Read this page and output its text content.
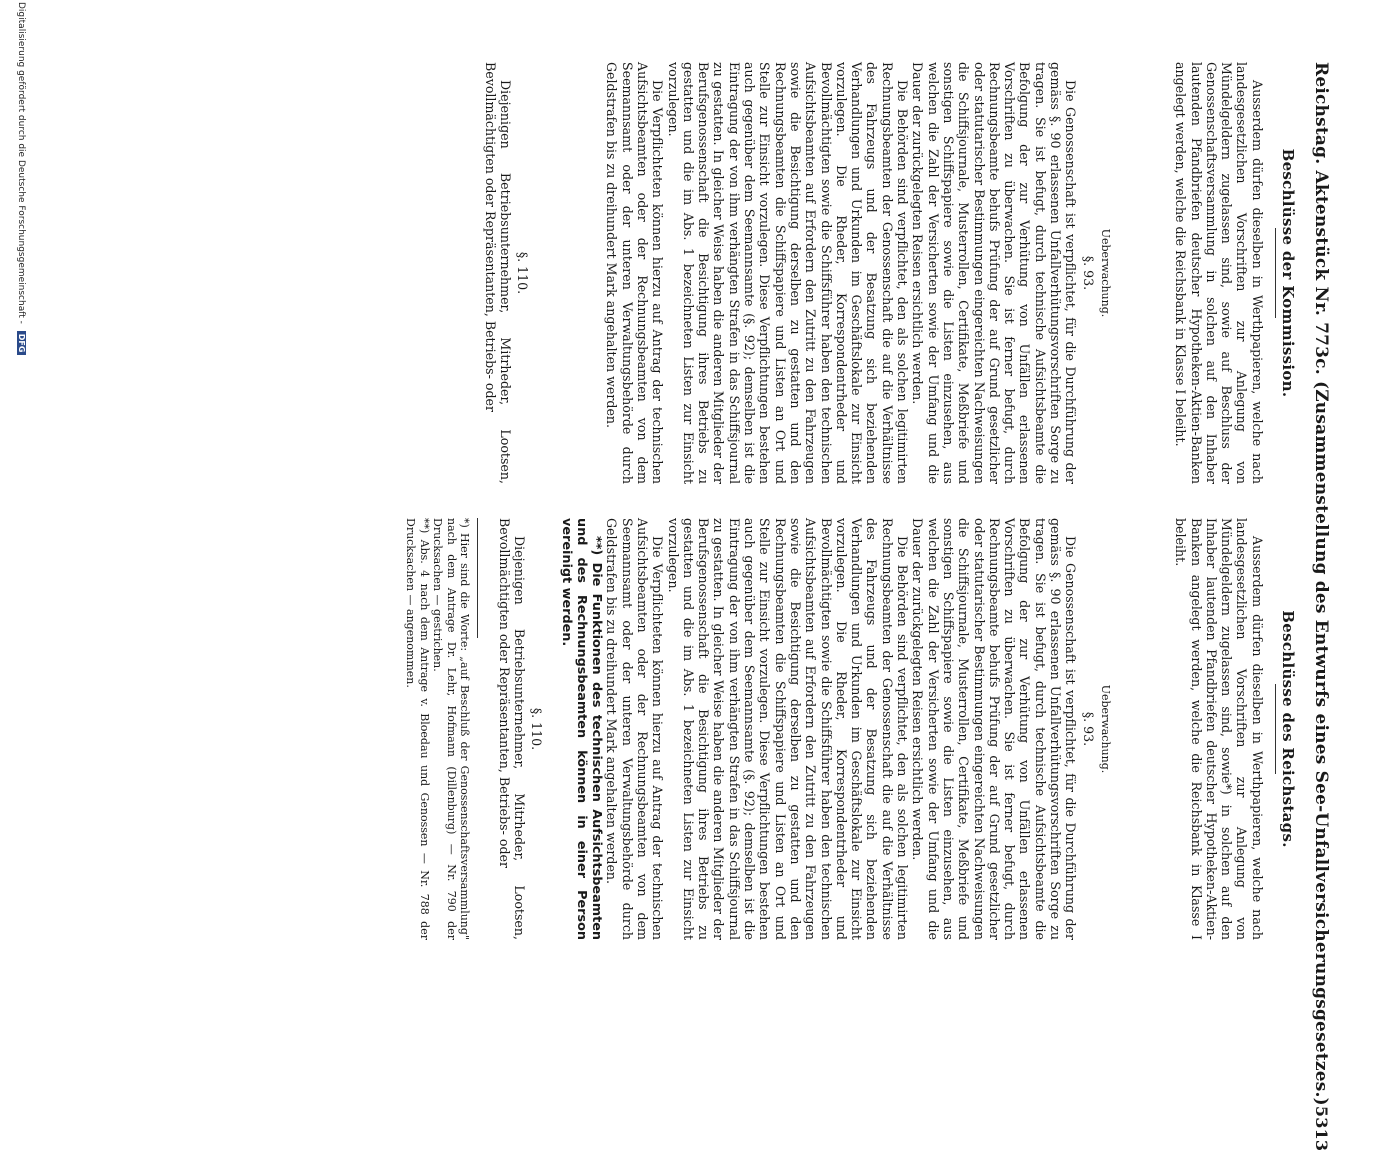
Reichstag. Aktenstück Nr. 773c. (Zusammenstellung des Entwurfs eines See-Unfallversicherungsgesetzes.)
5313
Beschlüsse der Kommission.

Ausserdem dürfen dieselben in Werthpapieren, welche nach landesgesetzlichen Vorschriften zur Anlegung von Mündelgeldern zugelassen sind, sowie auf Beschluss der Genossenschaftsversammlung in solchen auf den Inhaber lautenden Pfandbriefen deutscher Hypotheken-Aktien-Banken angelegt werden, welche die Reichsbank in Klasse I beleiht.

Ueberwachung.

§. 93.

Die Genossenschaft ist verpflichtet, für die Durchführung der gemäss §. 90 erlassenen Unfallverhütungsvorschriften Sorge zu tragen. Sie ist befugt, durch technische Aufsichtsbeamte die Befolgung der zur Verhütung von Unfällen erlassenen Vorschriften zu überwachen. Sie ist ferner befugt, durch Rechnungsbeamte behufs Prüfung der auf Grund gesetzlicher oder statutarischer Bestimmungen eingereichten Nachweisungen die Schiffsjournale, Musterrollen, Certifikate, Meßbriefe und sonstigen Schiffspapiere sowie die Listen einzusehen, aus welchen die Zahl der Versicherten sowie der Umfang und die Dauer der zurückgelegten Reisen ersichtlich werden.

Die Behörden sind verpflichtet, den als solchen legitimirten Rechnungsbeamten der Genossenschaft die auf die Verhältnisse des Fahrzeugs und der Besatzung sich beziehenden Verhandlungen und Urkunden im Geschäftslokale zur Einsicht vorzulegen. Die Rheder, Korrespondentrheder und Bevollmächtigten sowie die Schiffsführer haben den technischen Aufsichtsbeamten auf Erfordern den Zutritt zu den Fahrzeugen sowie die Besichtigung derselben zu gestatten und den Rechnungsbeamten die Schiffspapiere und Listen an Ort und Stelle zur Einsicht vorzulegen. Diese Verpflichtungen bestehen auch gegenüber dem Seemannsamte (§. 92); demselben ist die Eintragung der von ihm verhängten Strafen in das Schiffsjournal zu gestatten. In gleicher Weise haben die anderen Mitglieder der Berufsgenossenschaft die Besichtigung ihres Betriebs zu gestatten und die im Abs. 1 bezeichneten Listen zur Einsicht vorzulegen.

Die Verpflichteten können hierzu auf Antrag der technischen Aufsichtsbeamten oder der Rechnungsbeamten von dem Seemannsamt oder der unteren Verwaltungsbehörde durch Geldstrafen bis zu dreihundert Mark angehalten werden.

§. 110.

Diejenigen Betriebsunternehmer, Mitrheder, Lootsen, Bevollmächtigten oder Repräsentanten, Betriebs- oder

Beschlüsse des Reichstags.

Ausserdem dürfen dieselben in Werthpapieren, welche nach landesgesetzlichen Vorschriften zur Anlegung von Mündelgeldern zugelassen sind, sowie*) in solchen auf den Inhaber lautenden Pfandbriefen deutscher Hypotheken-Aktien-Banken angelegt werden, welche die Reichsbank in Klasse I beleiht.

Ueberwachung.

§. 93.

Die Genossenschaft ist verpflichtet, für die Durchführung der gemäss §. 90 erlassenen Unfallverhütungsvorschriften Sorge zu tragen. Sie ist befugt, durch technische Aufsichtsbeamte die Befolgung der zur Verhütung von Unfällen erlassenen Vorschriften zu überwachen. Sie ist ferner befugt, durch Rechnungsbeamte behufs Prüfung der auf Grund gesetzlicher oder statutarischer Bestimmungen eingereichten Nachweisungen die Schiffsjournale, Musterrollen, Certifikate, Meßbriefe und sonstigen Schiffspapiere sowie die Listen einzusehen, aus welchen die Zahl der Versicherten sowie der Umfang und die Dauer der zurückgelegten Reisen ersichtlich werden.

Die Behörden sind verpflichtet, den als solchen legitimirten Rechnungsbeamten der Genossenschaft die auf die Verhältnisse des Fahrzeugs und der Besatzung sich beziehenden Verhandlungen und Urkunden im Geschäftslokale zur Einsicht vorzulegen. Die Rheder, Korrespondentrheder und Bevollmächtigten sowie die Schiffsführer haben den technischen Aufsichtsbeamten auf Erfordern den Zutritt zu den Fahrzeugen sowie die Besichtigung derselben zu gestatten und den Rechnungsbeamten die Schiffspapiere und Listen an Ort und Stelle zur Einsicht vorzulegen. Diese Verpflichtungen bestehen auch gegenüber dem Seemannsamte (§. 92); demselben ist die Eintragung der von ihm verhängten Strafen in das Schiffsjournal zu gestatten. In gleicher Weise haben die anderen Mitglieder der Berufsgenossenschaft die Besichtigung ihres Betriebs zu gestatten und die im Abs. 1 bezeichneten Listen zur Einsicht vorzulegen.

Die Verpflichteten können hierzu auf Antrag der technischen Aufsichtsbeamten oder der Rechnungsbeamten von dem Seemannsamt oder der unteren Verwaltungsbehörde durch Geldstrafen bis zu dreihundert Mark angehalten werden.

**) Die Funktionen des technischen Aufsichtsbeamten und des Rechnungsbeamten können in einer Person vereinigt werden.

§. 110.

Diejenigen Betriebsunternehmer, Mitrheder, Lootsen, Bevollmächtigten oder Repräsentanten, Betriebs- oder

*) Hier sind die Worte: „auf Beschluß der Genossenschaftsversammlung" nach dem Antrage Dr. Lehr, Hofmann (Dillenburg) — Nr. 790 der Drucksachen — gestrichen.

**) Abs. 4 nach dem Antrage v. Bloedau und Genossen — Nr. 788 der Drucksachen — angenommen.

Digitalisierung gefördert durch die Deutsche Forschungsgemeinschaft - DFG
